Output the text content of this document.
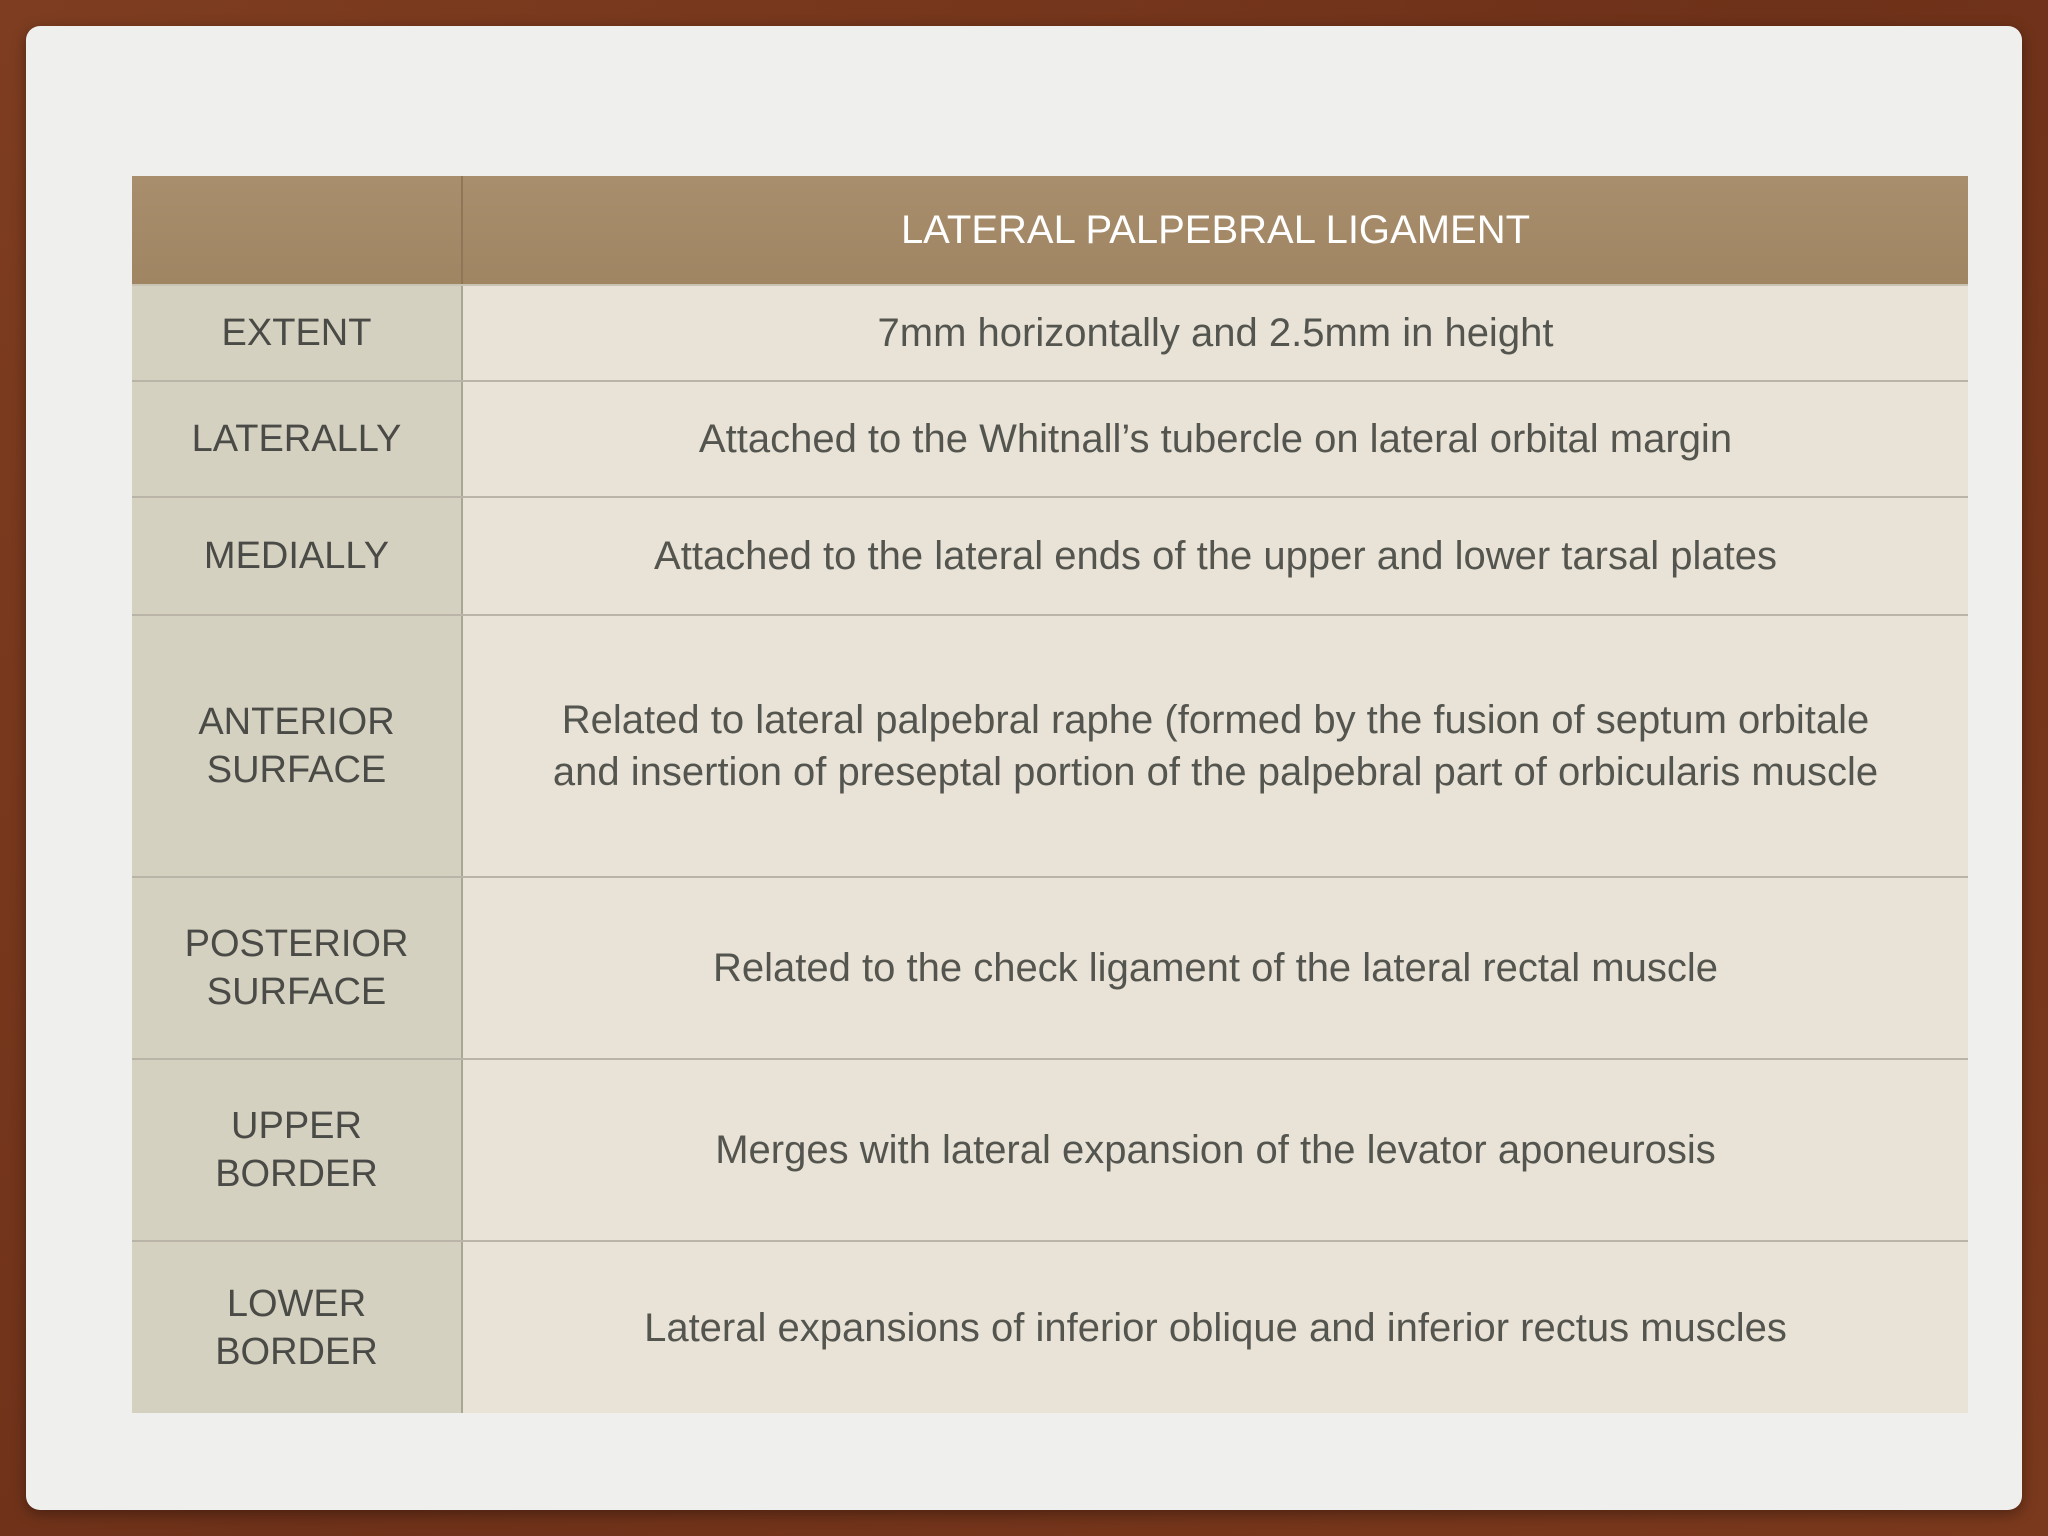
	LATERAL PALPEBRAL LIGAMENT
EXTENT	7mm horizontally and 2.5mm in height
LATERALLY	Attached to the Whitnall’s tubercle on lateral orbital margin
MEDIALLY	Attached to the lateral ends of the upper and lower tarsal plates

ANTERIOR
SURFACE	Related to lateral palpebral raphe (formed by the fusion of septum orbitale
and insertion of preseptal portion of the palpebral part of orbicularis muscle

POSTERIOR
SURFACE	Related to the check ligament of the lateral rectal muscle

UPPER
BORDER	Merges with lateral expansion of the levator aponeurosis

LOWER
BORDER	Lateral expansions of inferior oblique and inferior rectus muscles
